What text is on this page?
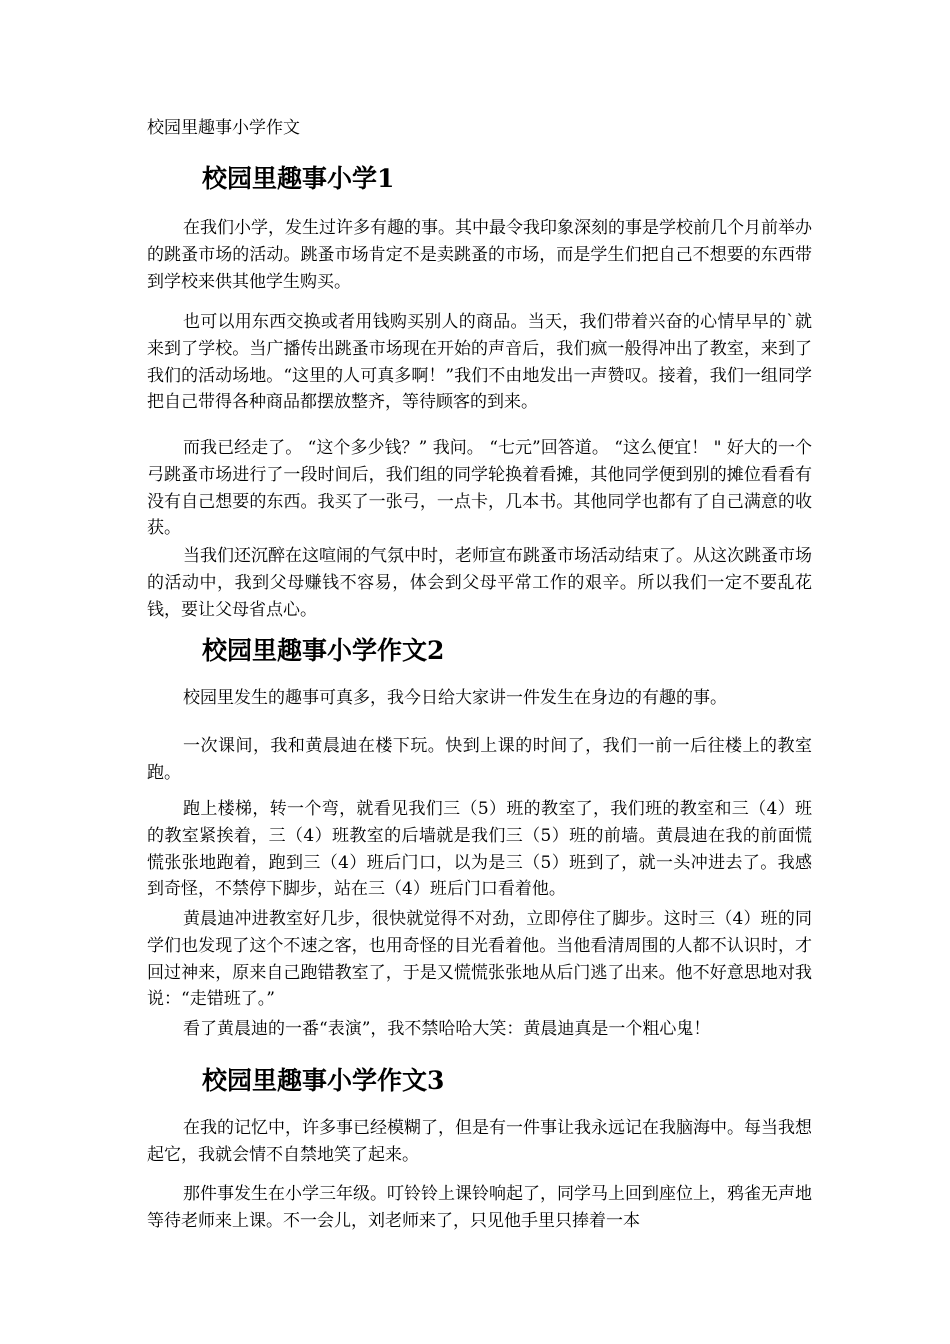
校园里趣事小学作文
校园里趣事小学1

在我们小学，发生过许多有趣的事。其中最令我印象深刻的事是学校前几个月前举办的跳蚤市场的活动。跳蚤市场肯定不是卖跳蚤的市场，而是学生们把自己不想要的东西带到学校来供其他学生购买。

也可以用东西交换或者用钱购买别人的商品。当天，我们带着兴奋的心情早早的`就来到了学校。当广播传出跳蚤市场现在开始的声音后，我们疯一般得冲出了教室，来到了我们的活动场地。“这里的人可真多啊！”我们不由地发出一声赞叹。接着，我们一组同学把自己带得各种商品都摆放整齐，等待顾客的到来。

而我已经走了。 “这个多少钱？” 我问。 “七元”回答道。 “这么便宜！ " 好大的一个弓跳蚤市场进行了一段时间后，我们组的同学轮换着看摊，其他同学便到别的摊位看看有没有自己想要的东西。我买了一张弓，一点卡，几本书。其他同学也都有了自己满意的收获。

当我们还沉醉在这喧闹的气氛中时，老师宣布跳蚤市场活动结束了。从这次跳蚤市场的活动中，我到父母赚钱不容易，体会到父母平常工作的艰辛。所以我们一定不要乱花钱，要让父母省点心。

校园里趣事小学作文2

校园里发生的趣事可真多，我今日给大家讲一件发生在身边的有趣的事。

一次课间，我和黄晨迪在楼下玩。快到上课的时间了，我们一前一后往楼上的教室跑。

跑上楼梯，转一个弯，就看见我们三（5）班的教室了，我们班的教室和三（4）班的教室紧挨着，三（4）班教室的后墙就是我们三（5）班的前墙。黄晨迪在我的前面慌慌张张地跑着，跑到三（4）班后门口，以为是三（5）班到了，就一头冲进去了。我感到奇怪，不禁停下脚步，站在三（4）班后门口看着他。

黄晨迪冲进教室好几步，很快就觉得不对劲，立即停住了脚步。这时三（4）班的同学们也发现了这个不速之客，也用奇怪的目光看着他。当他看清周围的人都不认识时，才回过神来，原来自己跑错教室了，于是又慌慌张张地从后门逃了出来。他不好意思地对我说：“走错班了。”

看了黄晨迪的一番“表演”，我不禁哈哈大笑：黄晨迪真是一个粗心鬼！

校园里趣事小学作文3

在我的记忆中，许多事已经模糊了，但是有一件事让我永远记在我脑海中。每当我想起它，我就会情不自禁地笑了起来。

那件事发生在小学三年级。叮铃铃上课铃响起了，同学马上回到座位上，鸦雀无声地等待老师来上课。不一会儿，刘老师来了，只见他手里只捧着一本
